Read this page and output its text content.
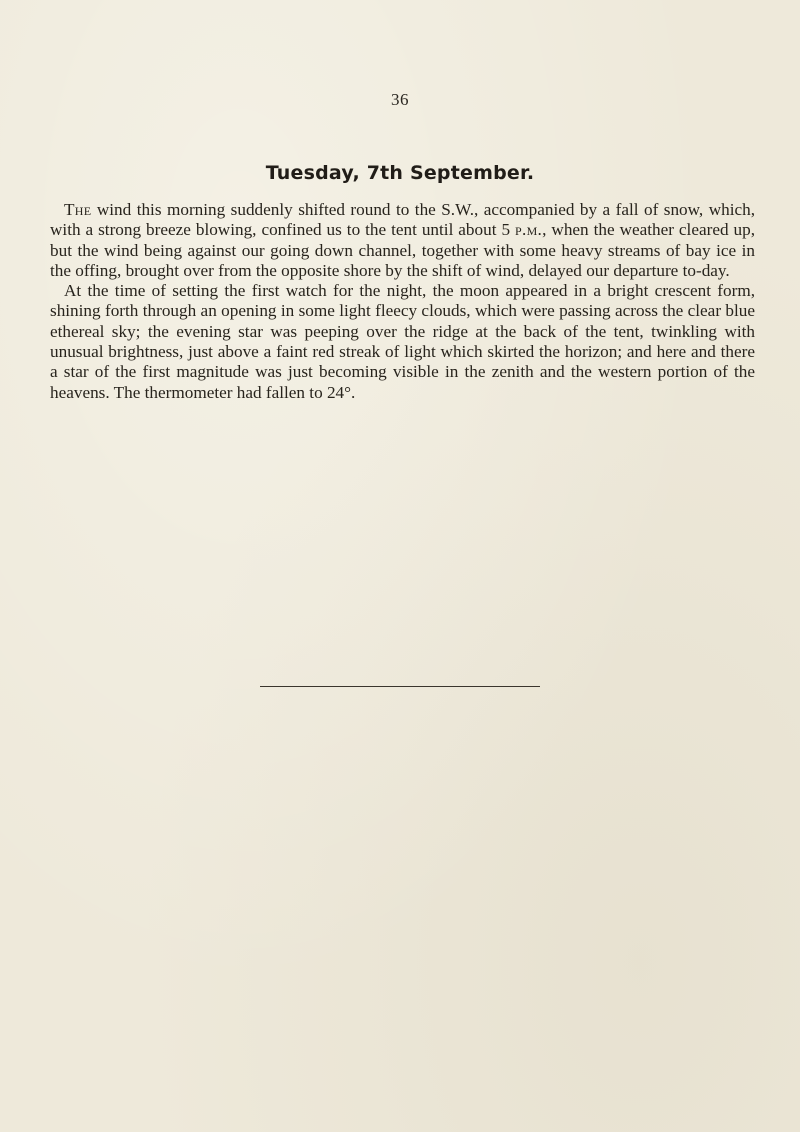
36
Tuesday, 7th September.

The wind this morning suddenly shifted round to the S.W., accompanied by a fall of snow, which, with a strong breeze blowing, confined us to the tent until about 5 p.m., when the weather cleared up, but the wind being against our going down channel, together with some heavy streams of bay ice in the offing, brought over from the opposite shore by the shift of wind, delayed our departure to-day.

At the time of setting the first watch for the night, the moon appeared in a bright crescent form, shining forth through an opening in some light fleecy clouds, which were passing across the clear blue ethereal sky; the evening star was peeping over the ridge at the back of the tent, twinkling with unusual brightness, just above a faint red streak of light which skirted the horizon; and here and there a star of the first magnitude was just becoming visible in the zenith and the western portion of the heavens. The thermometer had fallen to 24°.
